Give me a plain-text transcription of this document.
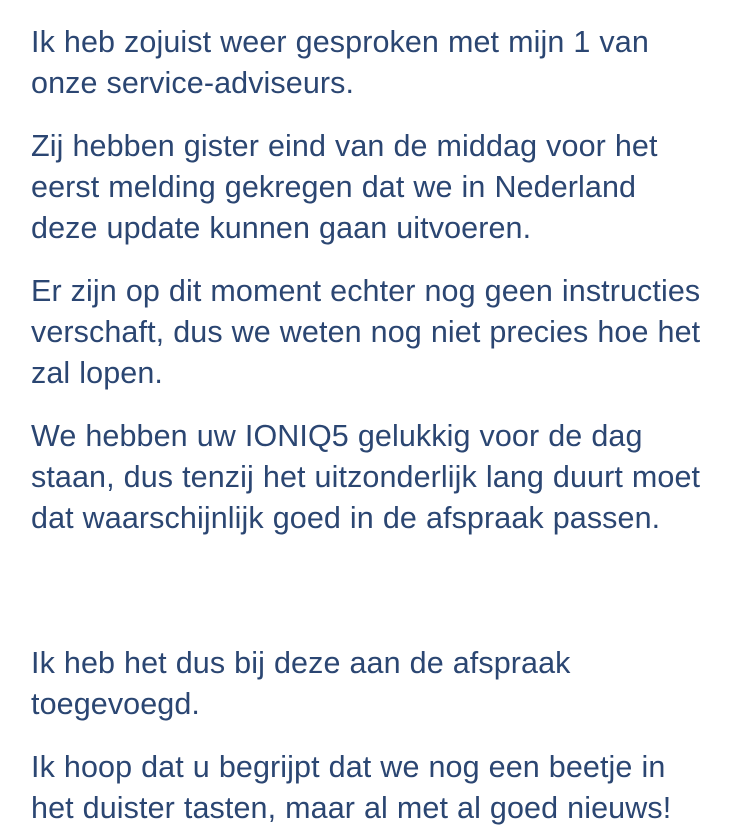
Ik heb zojuist weer gesproken met mijn 1 van onze service-adviseurs.

Zij hebben gister eind van de middag voor het eerst melding gekregen dat we in Nederland deze update kunnen gaan uitvoeren.

Er zijn op dit moment echter nog geen instructies verschaft, dus we weten nog niet precies hoe het zal lopen.

We hebben uw IONIQ5 gelukkig voor de dag staan, dus tenzij het uitzonderlijk lang duurt moet dat waarschijnlijk goed in de afspraak passen.

Ik heb het dus bij deze aan de afspraak toegevoegd.

Ik hoop dat u begrijpt dat we nog een beetje in het duister tasten, maar al met al goed nieuws!
